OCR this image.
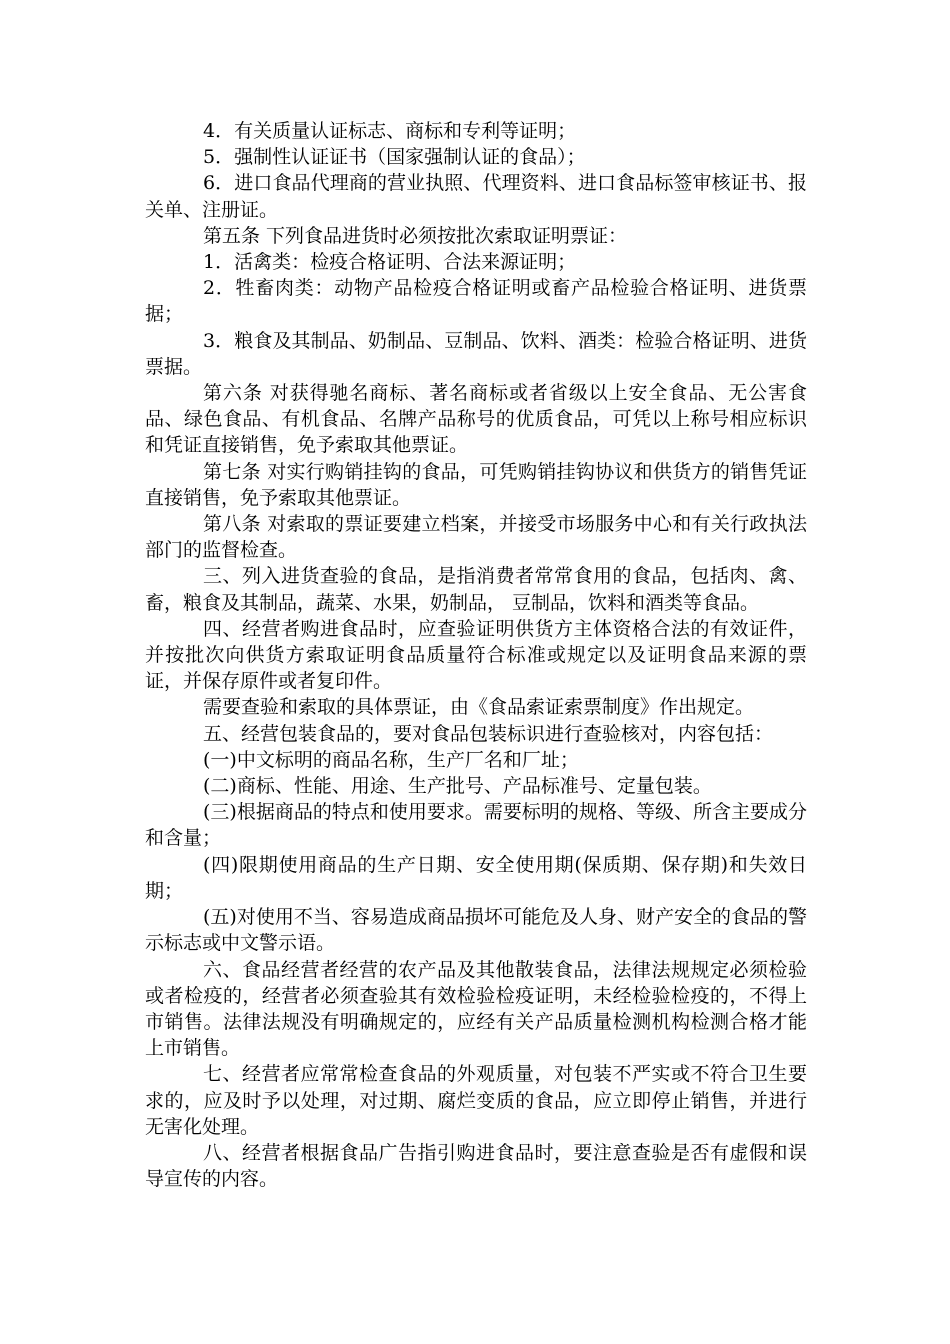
4．有关质量认证标志、商标和专利等证明；

5．强制性认证证书（国家强制认证的食品）；

6．进口食品代理商的营业执照、代理资料、进口食品标签审核证书、报关单、注册证。

第五条 下列食品进货时必须按批次索取证明票证：

1．活禽类：检疫合格证明、合法来源证明；

2．牲畜肉类：动物产品检疫合格证明或畜产品检验合格证明、进货票据；

3．粮食及其制品、奶制品、豆制品、饮料、酒类：检验合格证明、进货票据。

第六条 对获得驰名商标、著名商标或者省级以上安全食品、无公害食品、绿色食品、有机食品、名牌产品称号的优质食品，可凭以上称号相应标识和凭证直接销售，免予索取其他票证。

第七条 对实行购销挂钩的食品，可凭购销挂钩协议和供货方的销售凭证直接销售，免予索取其他票证。

第八条 对索取的票证要建立档案，并接受市场服务中心和有关行政执法部门的监督检查。

三、列入进货查验的食品，是指消费者常常食用的食品，包括肉、禽、畜，粮食及其制品，蔬菜、水果，奶制品， 豆制品，饮料和酒类等食品。

四、经营者购进食品时，应查验证明供货方主体资格合法的有效证件，并按批次向供货方索取证明食品质量符合标准或规定以及证明食品来源的票证，并保存原件或者复印件。

需要查验和索取的具体票证，由《食品索证索票制度》作出规定。

五、经营包装食品的，要对食品包装标识进行查验核对，内容包括：

(一)中文标明的商品名称，生产厂名和厂址；

(二)商标、性能、用途、生产批号、产品标准号、定量包装。

(三)根据商品的特点和使用要求。需要标明的规格、等级、所含主要成分和含量；

(四)限期使用商品的生产日期、安全使用期(保质期、保存期)和失效日期；

(五)对使用不当、容易造成商品损坏可能危及人身、财产安全的食品的警示标志或中文警示语。

六、食品经营者经营的农产品及其他散装食品，法律法规规定必须检验或者检疫的，经营者必须查验其有效检验检疫证明，未经检验检疫的，不得上市销售。法律法规没有明确规定的，应经有关产品质量检测机构检测合格才能上市销售。

七、经营者应常常检查食品的外观质量，对包装不严实或不符合卫生要求的，应及时予以处理，对过期、腐烂变质的食品，应立即停止销售，并进行无害化处理。

八、经营者根据食品广告指引购进食品时，要注意查验是否有虚假和误导宣传的内容。
